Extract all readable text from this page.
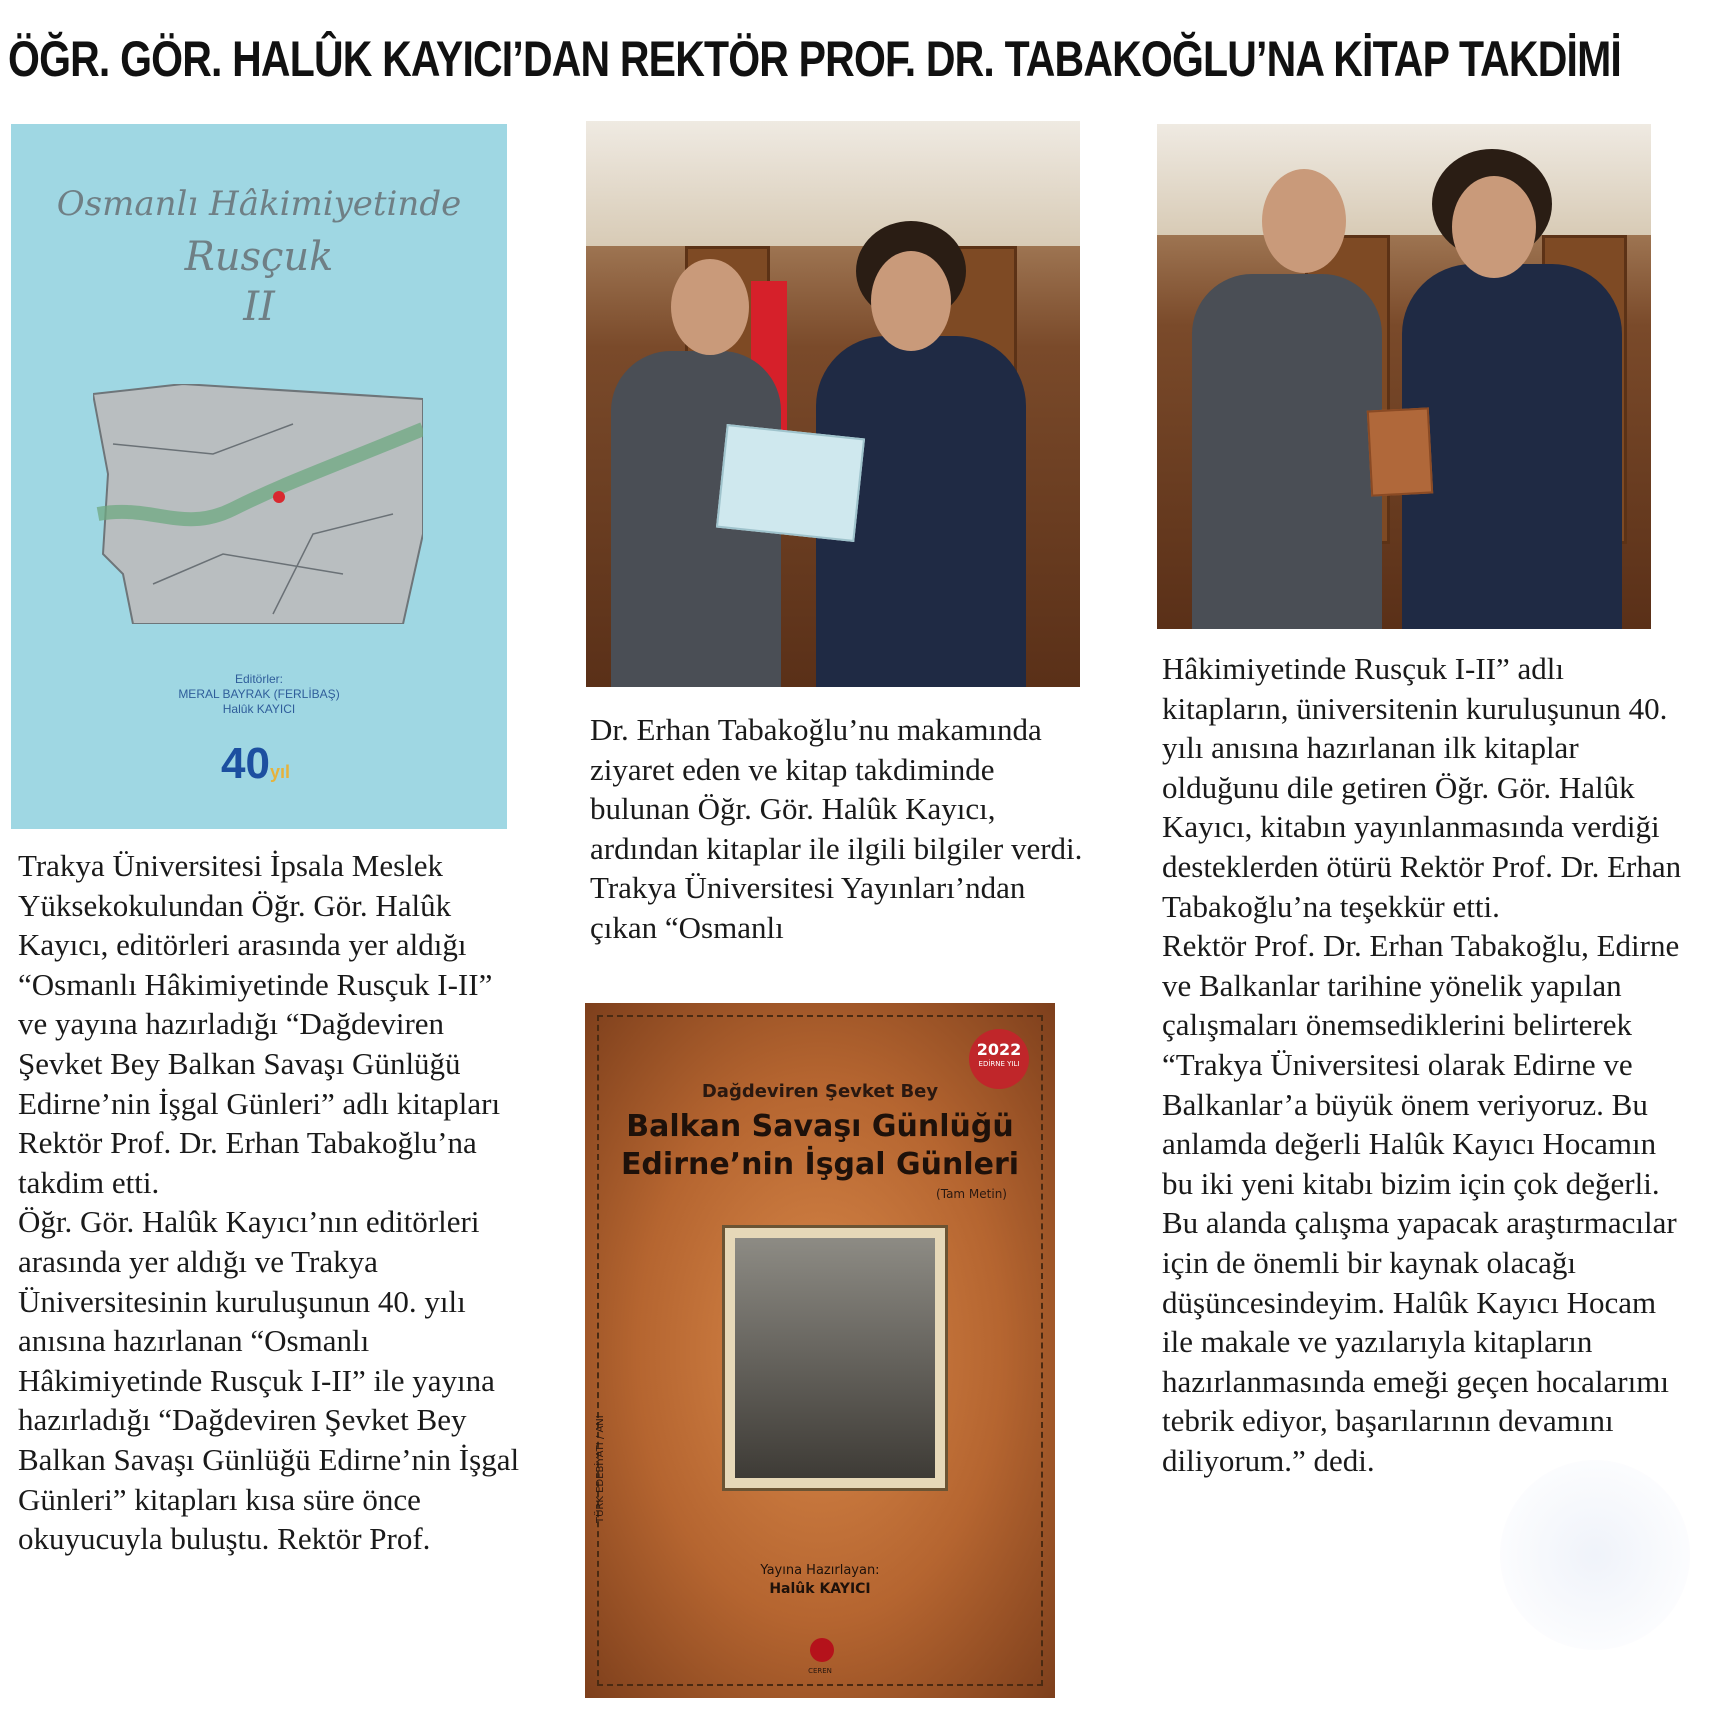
ÖĞR. GÖR. HALÛK KAYICI’DAN REKTÖR PROF. DR. TABAKOĞLU’NA KİTAP TAKDİMİ
Osmanlı Hâkimiyetinde
Rusçuk
II
Editörler:
MERAL BAYRAK (FERLİBAŞ)
Halûk KAYICI
40yıl
2022
EDİRNE YILI
Dağdeviren Şevket Bey
Balkan Savaşı Günlüğü
Edirne’nin İşgal Günleri
(Tam Metin)
TÜRK EDEBİYATI / ANI
Yayına Hazırlayan:
Halûk KAYICI
CEREN

Trakya Üniversitesi İpsala Meslek Yüksekokulundan Öğr. Gör. Halûk Kayıcı, editörleri arasında yer aldığı “Osmanlı Hâkimiyetinde Rusçuk I-II” ve yayına hazırladığı “Dağdeviren Şevket Bey Balkan Savaşı Günlüğü Edirne’nin İşgal Günleri” adlı kitapları Rektör Prof. Dr. Erhan Tabakoğlu’na takdim etti.

Öğr. Gör. Halûk Kayıcı’nın editörleri arasında yer aldığı ve Trakya Üniversitesinin kuruluşunun 40. yılı anısına hazırlanan “Osmanlı Hâkimiyetinde Rusçuk I-II” ile yayına hazırladığı “Dağdeviren Şevket Bey Balkan Savaşı Günlüğü Edirne’nin İşgal Günleri” kitapları kısa süre önce okuyucuyla buluştu. Rektör Prof.

Dr. Erhan Tabakoğlu’nu makamında ziyaret eden ve kitap takdiminde bulunan Öğr. Gör. Halûk Kayıcı, ardından kitaplar ile ilgili bilgiler verdi.

Trakya Üniversitesi Yayınları’ndan çıkan “Osmanlı

Hâkimiyetinde Rusçuk I-II” adlı kitapların, üniversitenin kuruluşunun 40. yılı anısına hazırlanan ilk kitaplar olduğunu dile getiren Öğr. Gör. Halûk Kayıcı, kitabın yayınlanmasında verdiği desteklerden ötürü Rektör Prof. Dr. Erhan Tabakoğlu’na teşekkür etti.

Rektör Prof. Dr. Erhan Tabakoğlu, Edirne ve Balkanlar tarihine yönelik yapılan çalışmaları önemsediklerini belirterek “Trakya Üniversitesi olarak Edirne ve Balkanlar’a büyük önem veriyoruz. Bu anlamda değerli Halûk Kayıcı Hocamın bu iki yeni kitabı bizim için çok değerli. Bu alanda çalışma yapacak araştırmacılar için de önemli bir kaynak olacağı düşüncesindeyim. Halûk Kayıcı Hocam ile makale ve yazılarıyla kitapların hazırlanmasında emeği geçen hocalarımı tebrik ediyor, başarılarının devamını diliyorum.” dedi.
